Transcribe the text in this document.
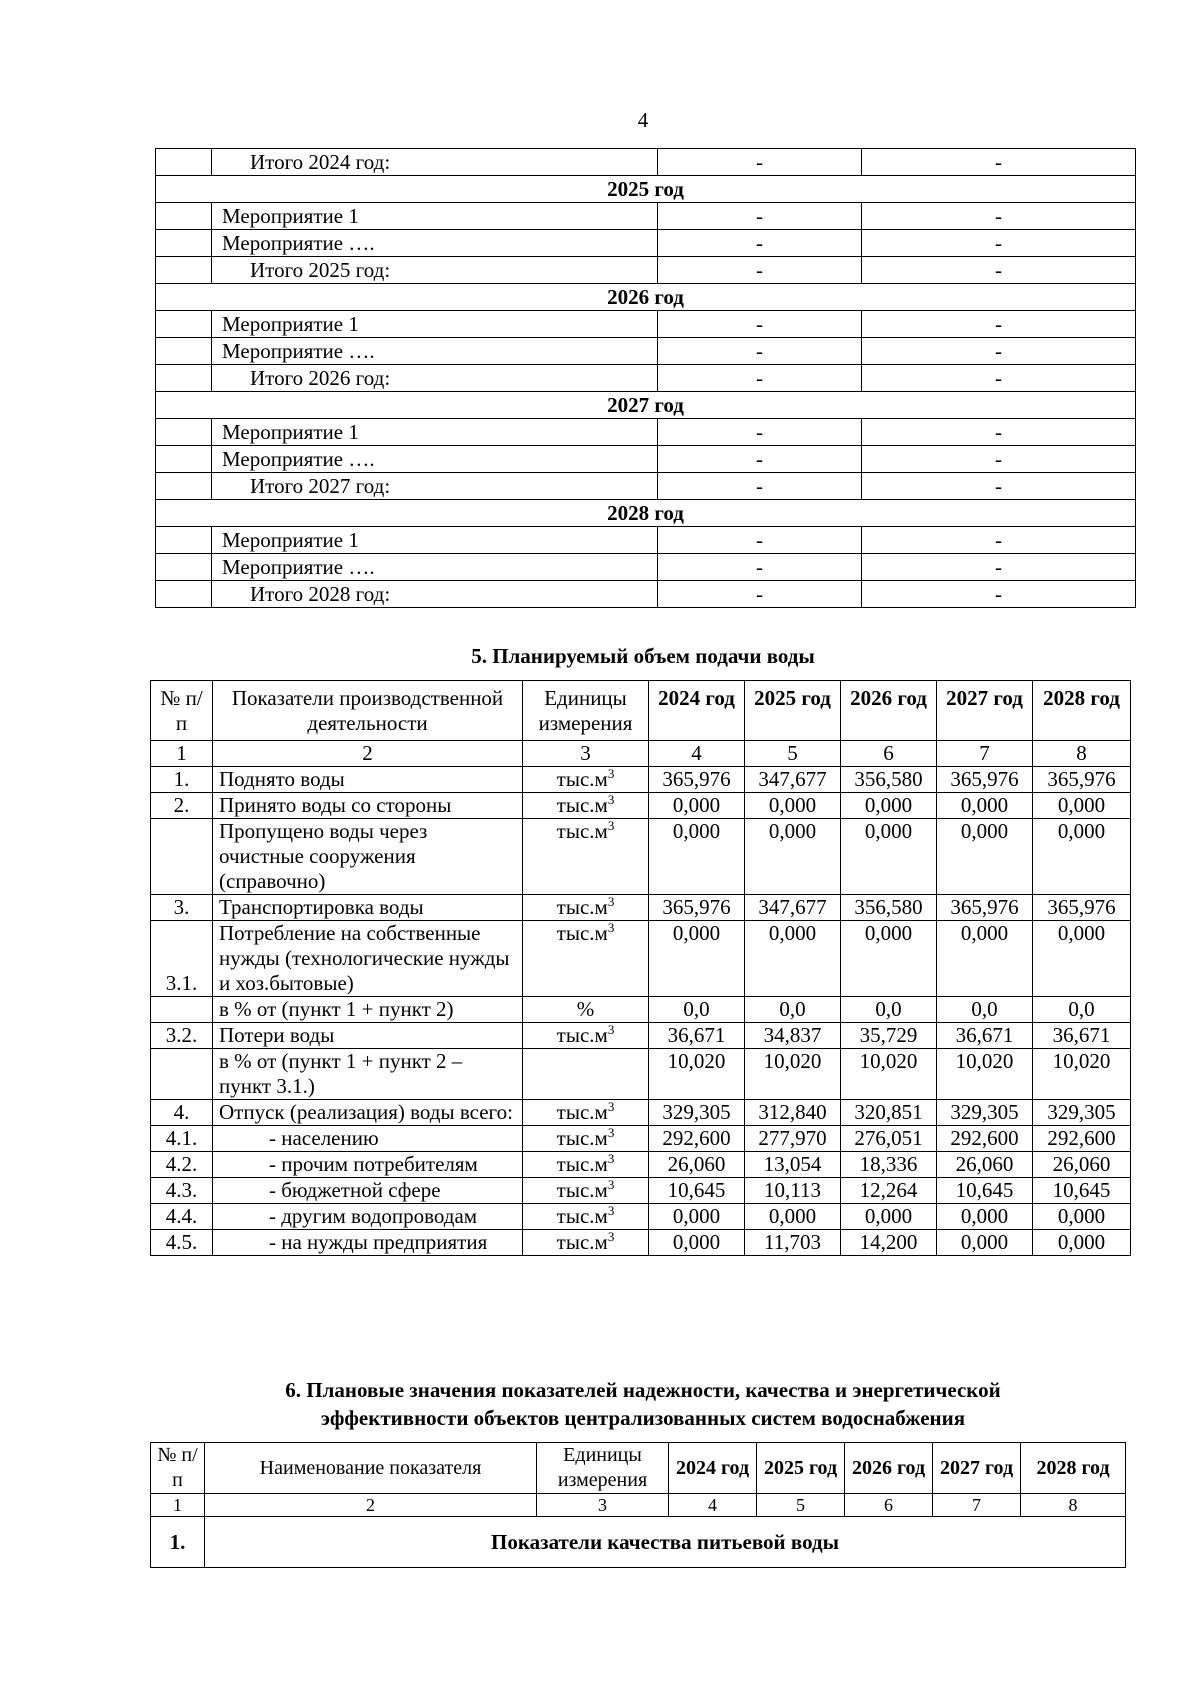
4
	Итого 2024 год:	-	-
2025 год			
	Мероприятие 1	-	-
	Мероприятие ….	-	-
	Итого 2025 год:	-	-
2026 год			
	Мероприятие 1	-	-
	Мероприятие ….	-	-
	Итого 2026 год:	-	-
2027 год			
	Мероприятие 1	-	-
	Мероприятие ….	-	-
	Итого 2027 год:	-	-
2028 год			
	Мероприятие 1	-	-
	Мероприятие ….	-	-
	Итого 2028 год:	-	-
5. Планируемый объем подачи воды
№ п/п	Показатели производственной деятельности	Единицы измерения	2024 год	2025 год	2026 год	2027 год	2028 год
1	2	3	4	5	6	7	8
1.	Поднято воды	$тыс.м^3$	365,976	347,677	356,580	365,976	365,976
2.	Принято воды со стороны	$тыс.м^3$	0,000	0,000	0,000	0,000	0,000
	Пропущено воды через очистные сооружения (справочно)	$тыс.м^3$	0,000	0,000	0,000	0,000	0,000
3.	Транспортировка воды	$тыс.м^3$	365,976	347,677	356,580	365,976	365,976
3.1.	Потребление на собственные нужды (технологические нужды и хоз.бытовые)	$тыс.м^3$	0,000	0,000	0,000	0,000	0,000
	в % от (пункт 1 + пункт 2)	%	0,0	0,0	0,0	0,0	0,0
3.2.	Потери воды	$тыс.м^3$	36,671	34,837	35,729	36,671	36,671
	в % от (пункт 1 + пункт 2 – пункт 3.1.)		10,020	10,020	10,020	10,020	10,020
4.	Отпуск (реализация) воды всего:	$тыс.м^3$	329,305	312,840	320,851	329,305	329,305
4.1.	- населению	$тыс.м^3$	292,600	277,970	276,051	292,600	292,600
4.2.	- прочим потребителям	$тыс.м^3$	26,060	13,054	18,336	26,060	26,060
4.3.	- бюджетной сфере	$тыс.м^3$	10,645	10,113	12,264	10,645	10,645
4.4.	- другим водопроводам	$тыс.м^3$	0,000	0,000	0,000	0,000	0,000
4.5.	- на нужды предприятия	$тыс.м^3$	0,000	11,703	14,200	0,000	0,000
6. Плановые значения показателей надежности, качества и энергетической
эффективности объектов централизованных систем водоснабжения
№ п/п	Наименование показателя	Единицы измерения	2024 год	2025 год	2026 год	2027 год	2028 год
1	2	3	4	5	6	7	8
1.	Показатели качества питьевой воды						
